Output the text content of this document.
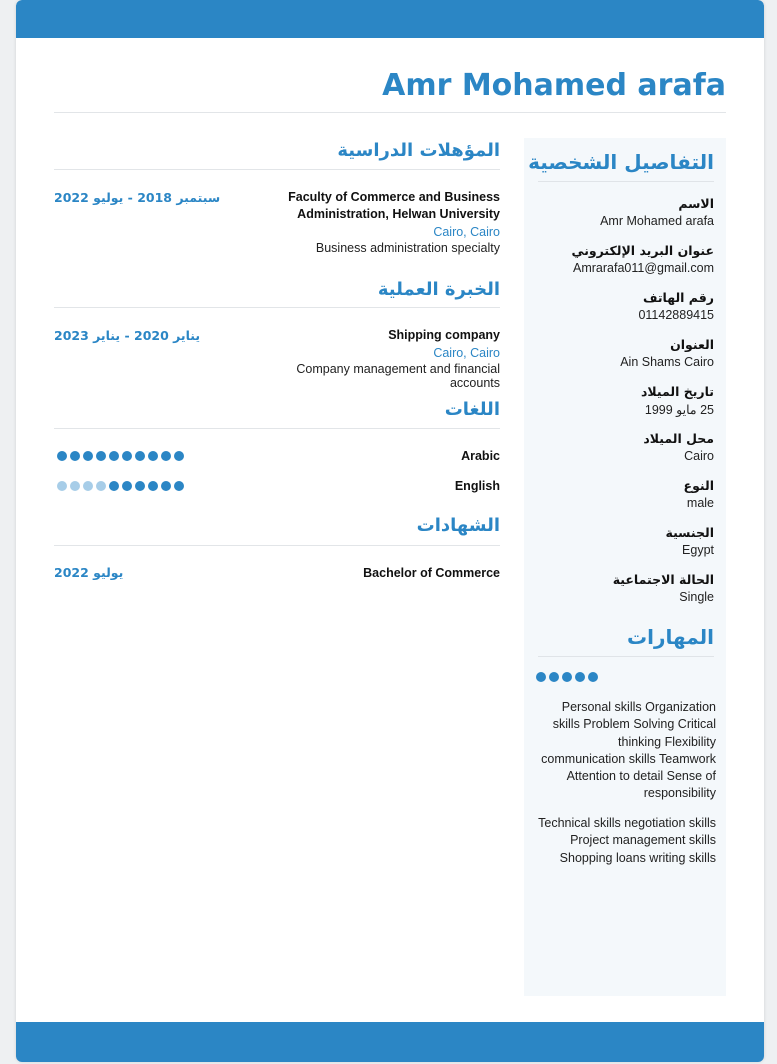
Amr Mohamed arafa
التفاصيل الشخصية
الاسم
Amr Mohamed arafa
عنوان البريد الإلكتروني
Amrarafa011@gmail.com
رقم الهاتف
01142889415
العنوان
Ain Shams Cairo
تاريخ الميلاد
25 مايو 1999
محل الميلاد
Cairo
النوع
male
الجنسية
Egypt
الحالة الاجتماعية
Single
المهارات
Personal skills Organization skills Problem Solving Critical thinking Flexibility communication skills Teamwork Attention to detail Sense of responsibility
Technical skills negotiation skills Project management skills Shopping loans writing skills
المؤهلات الدراسية
Faculty of Commerce and Business Administration, Helwan University
Cairo, Cairo
Business administration specialty
سبتمبر 2018 - يوليو 2022
الخبرة العملية
Shipping company
Cairo, Cairo
Company management and financial accounts
يناير 2020 - يناير 2023
اللغات
Arabic
English
الشهادات
Bachelor of Commerce
يوليو 2022
